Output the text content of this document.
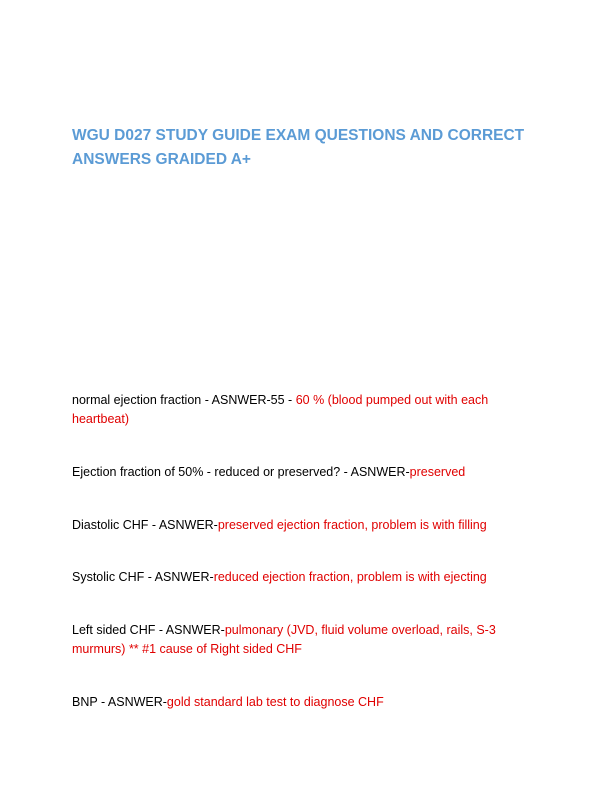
WGU D027 STUDY GUIDE EXAM QUESTIONS AND CORRECT ANSWERS GRAIDED A+

normal ejection fraction - ASNWER-55 - 60 % (blood pumped out with each heartbeat)

Ejection fraction of 50% - reduced or preserved? - ASNWER-preserved

Diastolic CHF - ASNWER-preserved ejection fraction, problem is with filling

Systolic CHF - ASNWER-reduced ejection fraction, problem is with ejecting

Left sided CHF - ASNWER-pulmonary (JVD, fluid volume overload, rails, S-3 murmurs) ** #1 cause of Right sided CHF

BNP - ASNWER-gold standard lab test to diagnose CHF
